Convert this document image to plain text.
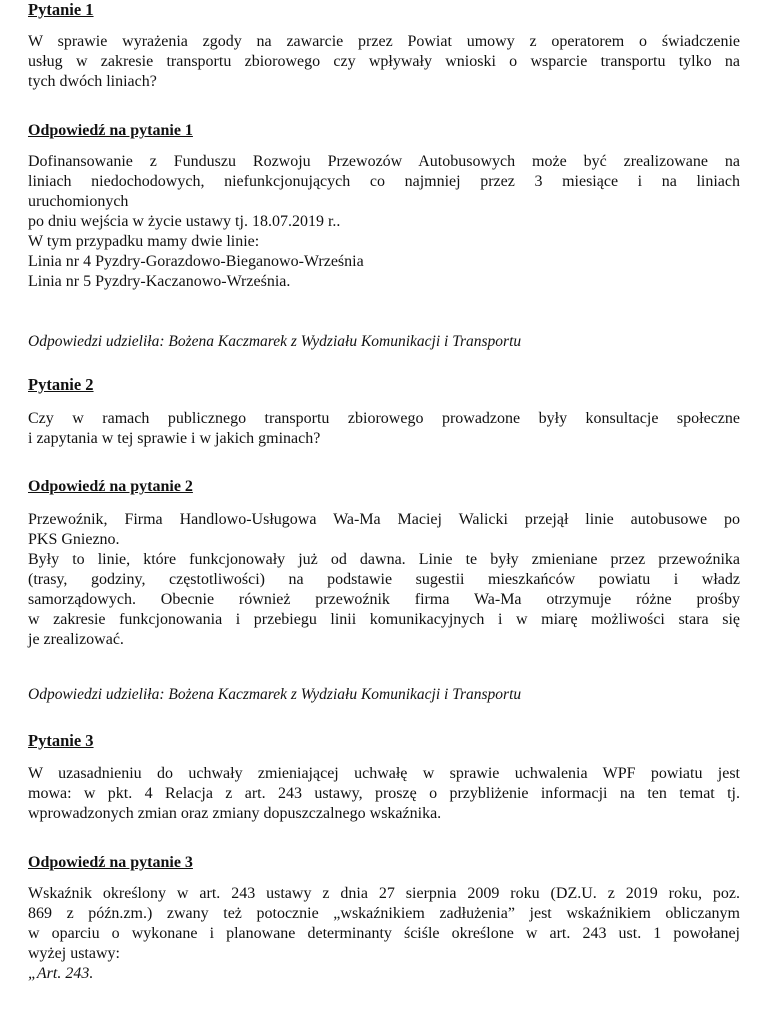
Pytanie 1

W sprawie wyrażenia zgody na zawarcie przez Powiat umowy z operatorem o świadczenie
usług w zakresie transportu zbiorowego czy wpływały wnioski o wsparcie transportu tylko na
tych dwóch liniach?

Odpowiedź na pytanie 1

Dofinansowanie z Funduszu Rozwoju Przewozów Autobusowych może być zrealizowane na
liniach niedochodowych, niefunkcjonujących co najmniej przez 3 miesiące i na liniach
uruchomionych
po dniu wejścia w życie ustawy tj. 18.07.2019 r..
W tym przypadku mamy dwie linie:
Linia nr 4 Pyzdry-Gorazdowo-Bieganowo-Września
Linia nr 5 Pyzdry-Kaczanowo-Września.

Odpowiedzi udzieliła: Bożena Kaczmarek z Wydziału Komunikacji i Transportu

Pytanie 2

Czy w ramach publicznego transportu zbiorowego prowadzone były konsultacje społeczne
i zapytania w tej sprawie i w jakich gminach?

Odpowiedź na pytanie 2

Przewoźnik, Firma Handlowo-Usługowa Wa-Ma Maciej Walicki przejął linie autobusowe po
PKS Gniezno.
Były to linie, które funkcjonowały już od dawna. Linie te były zmieniane przez przewoźnika
(trasy, godziny, częstotliwości) na podstawie sugestii mieszkańców powiatu i władz
samorządowych. Obecnie również przewoźnik firma Wa-Ma otrzymuje różne prośby
w zakresie funkcjonowania i przebiegu linii komunikacyjnych i w miarę możliwości stara się
je zrealizować.

Odpowiedzi udzieliła: Bożena Kaczmarek z Wydziału Komunikacji i Transportu

Pytanie 3

W uzasadnieniu do uchwały zmieniającej uchwałę w sprawie uchwalenia WPF powiatu jest
mowa: w pkt. 4 Relacja z art. 243 ustawy, proszę o przybliżenie informacji na ten temat tj.
wprowadzonych zmian oraz zmiany dopuszczalnego wskaźnika.

Odpowiedź na pytanie 3

Wskaźnik określony w art. 243 ustawy z dnia 27 sierpnia 2009 roku (DZ.U. z 2019 roku, poz.
869 z późn.zm.) zwany też potocznie „wskaźnikiem zadłużenia” jest wskaźnikiem obliczanym
w oparciu o wykonane i planowane determinanty ściśle określone w art. 243 ust. 1 powołanej
wyżej ustawy:
„Art. 243.
